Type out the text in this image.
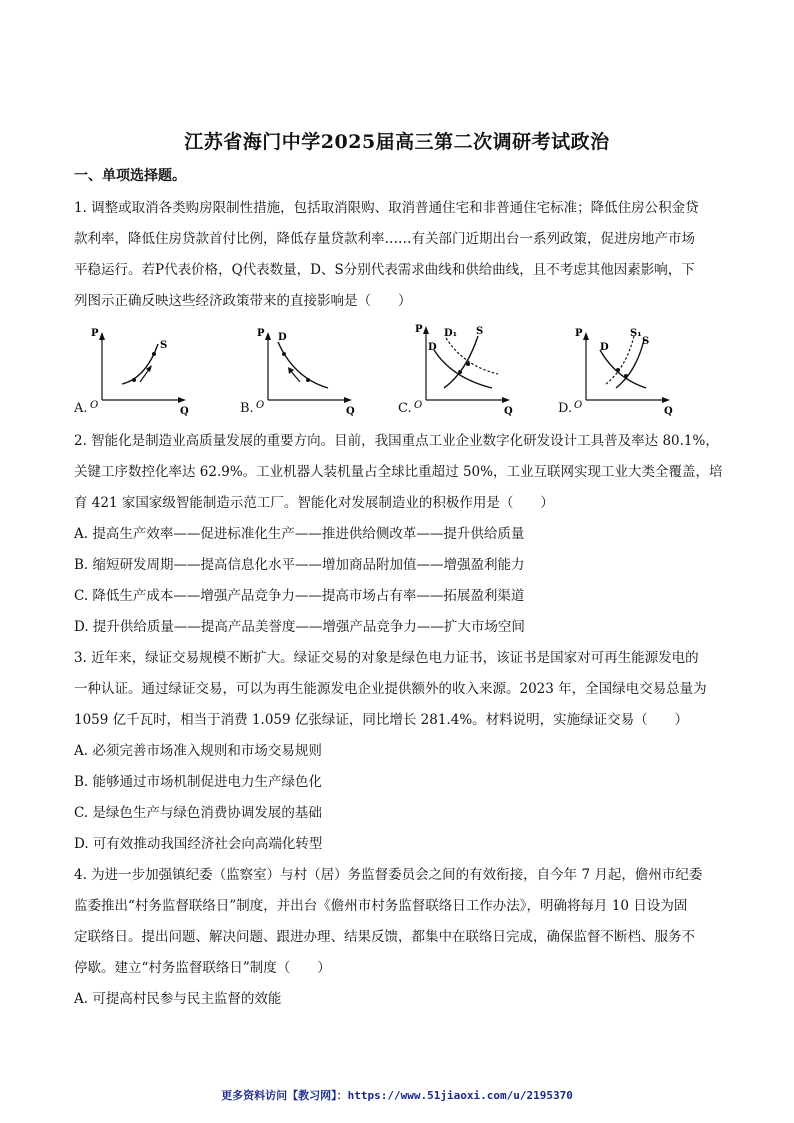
江苏省海门中学2025届高三第二次调研考试政治
一、单项选择题。
1. 调整或取消各类购房限制性措施，包括取消限购、取消普通住宅和非普通住宅标准；降低住房公积金贷
款利率，降低住房贷款首付比例，降低存量贷款利率……有关部门近期出台一系列政策，促进房地产市场
平稳运行。若P代表价格，Q代表数量，D、S分别代表需求曲线和供给曲线，且不考虑其他因素影响，下
列图示正确反映这些经济政策带来的直接影响是（　　）
A.
P
Q
O
S
B.
P
Q
O
D
C.
P
Q
O
D
D₁ S
D.
P
Q
O
D
S₁
S
2. 智能化是制造业高质量发展的重要方向。目前，我国重点工业企业数字化研发设计工具普及率达 80.1%，
关键工序数控化率达 62.9%。工业机器人装机量占全球比重超过 50%，工业互联网实现工业大类全覆盖，培
育 421 家国家级智能制造示范工厂。智能化对发展制造业的积极作用是（　　）
A. 提高生产效率——促进标准化生产——推进供给侧改革——提升供给质量
B. 缩短研发周期——提高信息化水平——增加商品附加值——增强盈利能力
C. 降低生产成本——增强产品竞争力——提高市场占有率——拓展盈利渠道
D. 提升供给质量——提高产品美誉度——增强产品竞争力——扩大市场空间
3. 近年来，绿证交易规模不断扩大。绿证交易的对象是绿色电力证书，该证书是国家对可再生能源发电的
一种认证。通过绿证交易，可以为再生能源发电企业提供额外的收入来源。2023 年，全国绿电交易总量为
1059 亿千瓦时，相当于消费 1.059 亿张绿证，同比增长 281.4%。材料说明，实施绿证交易（　　）
A. 必须完善市场准入规则和市场交易规则
B. 能够通过市场机制促进电力生产绿色化
C. 是绿色生产与绿色消费协调发展的基础
D. 可有效推动我国经济社会向高端化转型
4. 为进一步加强镇纪委（监察室）与村（居）务监督委员会之间的有效衔接，自今年 7 月起，儋州市纪委
监委推出“村务监督联络日”制度，并出台《儋州市村务监督联络日工作办法》，明确将每月 10 日设为固
定联络日。提出问题、解决问题、跟进办理、结果反馈，都集中在联络日完成，确保监督不断档、服务不
停歇。建立“村务监督联络日”制度（　　）
A. 可提高村民参与民主监督的效能
更多资料访问【教习网】：https://www.51jiaoxi.com/u/2195370
